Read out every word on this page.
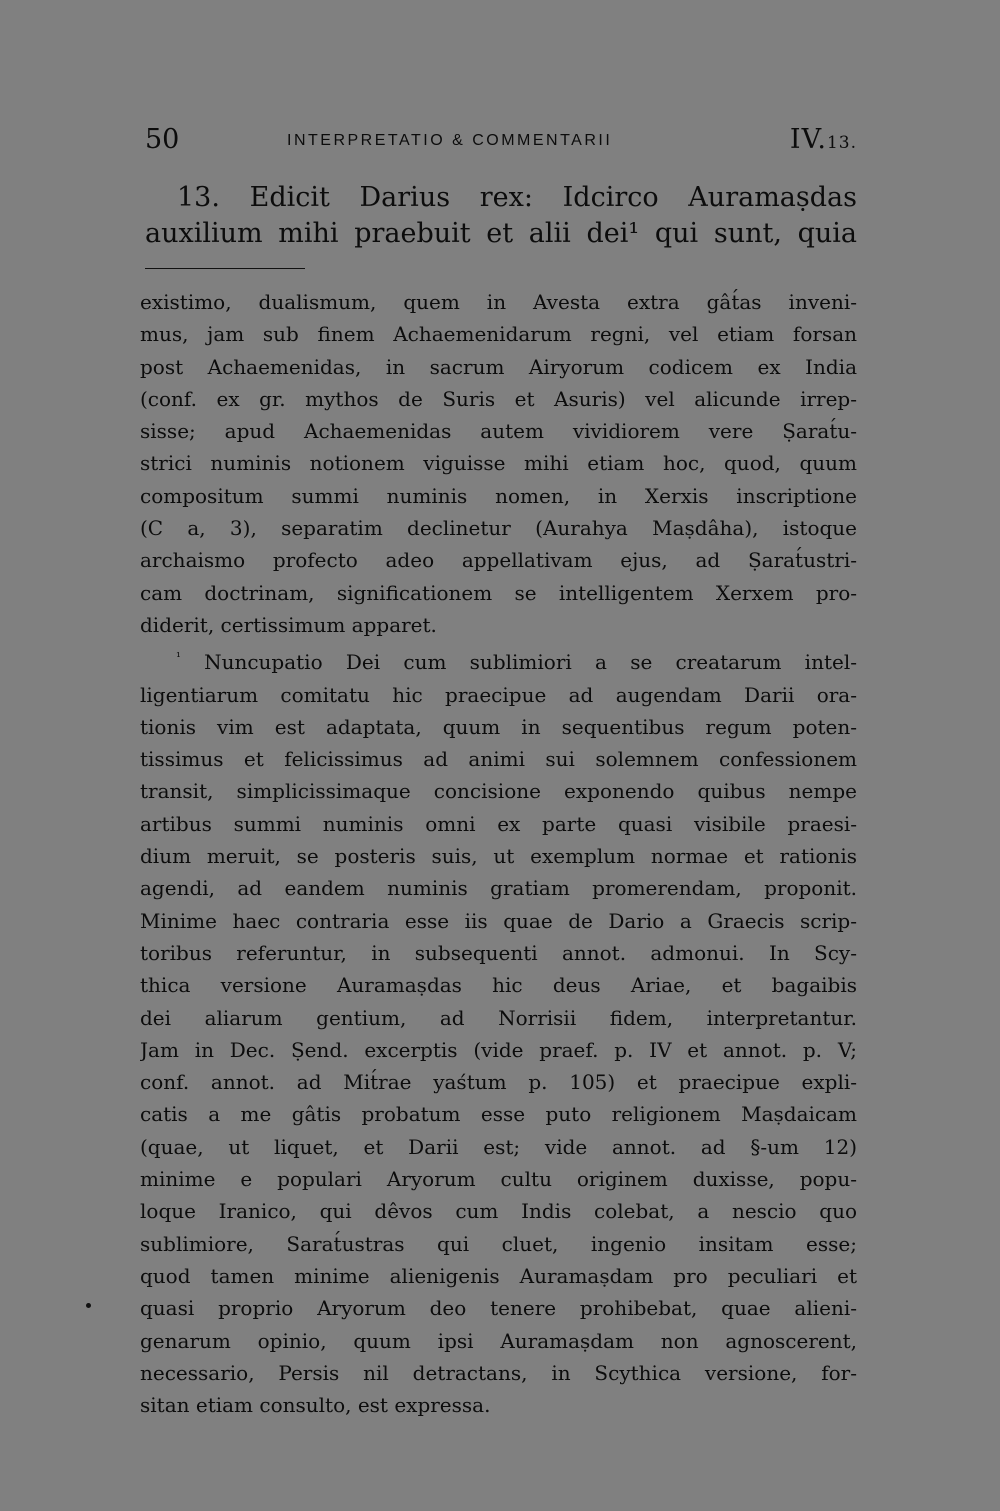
50	INTERPRETATIO & COMMENTARII	IV.13.
13. Edicit Darius rex: Idcirco Auramaṣdas
auxilium mihi praebuit et alii dei¹ qui sunt, quia
existimo, dualismum, quem in Avesta extra gât́as inveni-
mus, jam sub finem Achaemenidarum regni, vel etiam forsan
post Achaemenidas, in sacrum Airyorum codicem ex India
(conf. ex gr. mythos de Suris et Asuris) vel alicunde irrep-
sisse; apud Achaemenidas autem vividiorem vere Ṣarat́u-
strici numinis notionem viguisse mihi etiam hoc, quod, quum
compositum summi numinis nomen, in Xerxis inscriptione
(C a, 3), separatim declinetur (Aurahya Maṣdâha), istoque
archaismo profecto adeo appellativam ejus, ad Ṣarat́ustri-
cam doctrinam, significationem se intelligentem Xerxem pro-
diderit, certissimum apparet.
$^{^1}$ Nuncupatio Dei cum sublimiori a se creatarum intel-
ligentiarum comitatu hic praecipue ad augendam Darii ora-
tionis vim est adaptata, quum in sequentibus regum poten-
tissimus et felicissimus ad animi sui solemnem confessionem
transit, simplicissimaque concisione exponendo quibus nempe
artibus summi numinis omni ex parte quasi visibile praesi-
dium meruit, se posteris suis, ut exemplum normae et rationis
agendi, ad eandem numinis gratiam promerendam, proponit.
Minime haec contraria esse iis quae de Dario a Graecis scrip-
toribus referuntur, in subsequenti annot. admonui. In Scy-
thica versione Auramaṣdas hic deus Ariae, et bagaibis
dei aliarum gentium, ad Norrisii fidem, interpretantur.
Jam in Dec. Ṣend. excerptis (vide praef. p. IV et annot. p. V;
conf. annot. ad Mit́rae yaśtum p. 105) et praecipue expli-
catis a me gâtis probatum esse puto religionem Maṣdaicam
(quae, ut liquet, et Darii est; vide annot. ad §-um 12)
minime e populari Aryorum cultu originem duxisse, popu-
loque Iranico, qui dêvos cum Indis colebat, a nescio quo
sublimiore, Sarat́ustras qui cluet, ingenio insitam esse;
quod tamen minime alienigenis Auramaṣdam pro peculiari et
quasi proprio Aryorum deo tenere prohibebat, quae alieni-
genarum opinio, quum ipsi Auramaṣdam non agnoscerent,
necessario, Persis nil detractans, in Scythica versione, for-
sitan etiam consulto, est expressa.
